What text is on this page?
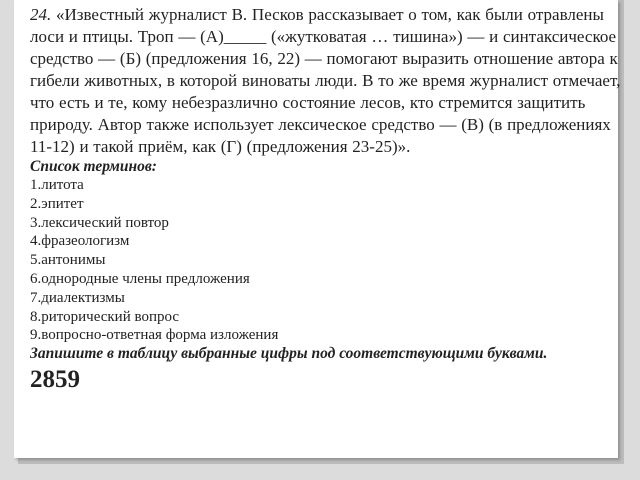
24. «Известный журналист В. Песков рассказывает о том, как были отравлены лоси и птицы. Троп — (А)_____ («жутковатая … тишина») — и синтаксическое средство — (Б) (предложения 16, 22) — помогают выразить отношение автора к гибели животных, в которой виноваты люди. В то же время журналист отмечает, что есть и те, кому небезразлично состояние лесов, кто стремится защитить природу. Автор также использует лексическое средство — (В) (в предложениях 11-12) и такой приём, как (Г) (предложения 23-25)».

Список терминов:

1.литота
2.эпитет
3.лексический повтор
4.фразеологизм
5.антонимы
6.однородные члены предложения
7.диалектизмы
8.риторический вопрос
9.вопросно-ответная форма изложения

Запишите в таблицу выбранные цифры под соответствующими буквами.

2859
